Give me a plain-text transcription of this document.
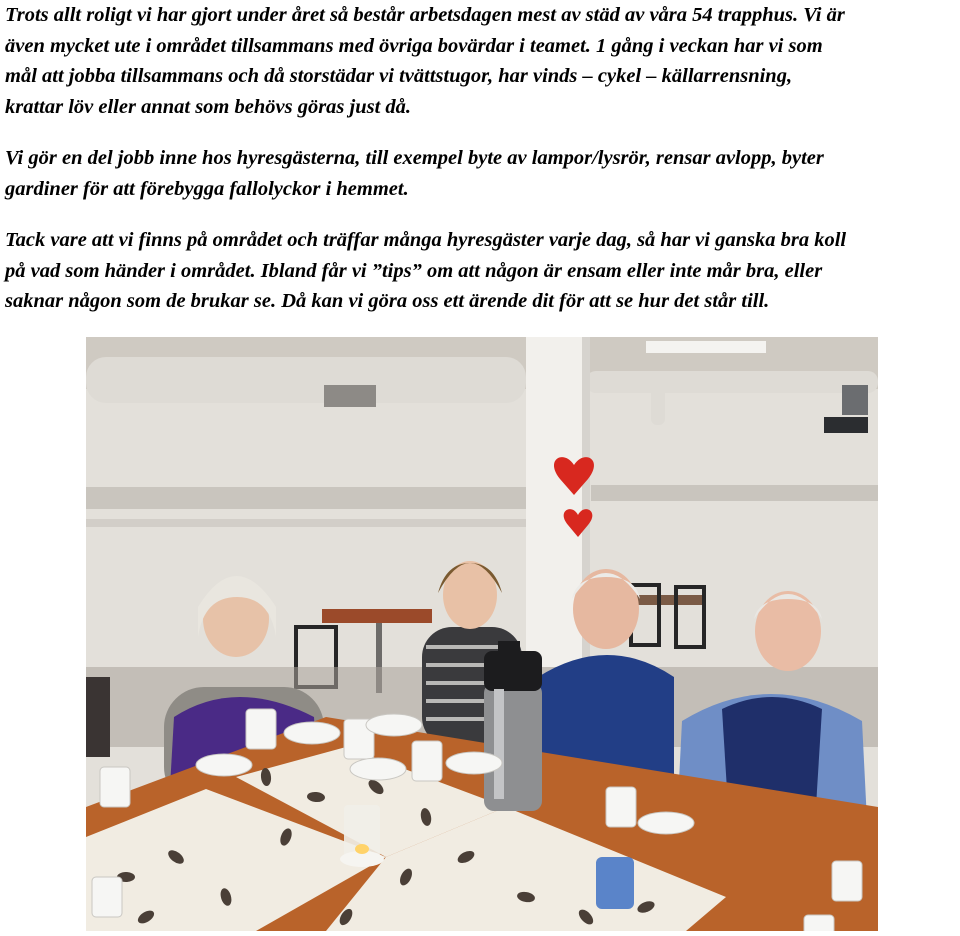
Trots allt roligt vi har gjort under året så består arbetsdagen mest av städ av våra 54 trapphus. Vi är
även mycket ute i området tillsammans med övriga bovärdar i teamet. 1 gång i veckan har vi som
mål att jobba tillsammans och då storstädar vi tvättstugor, har vinds – cykel – källarrensning,
krattar löv eller annat som behövs göras just då.

Vi gör en del jobb inne hos hyresgästerna, till exempel byte av lampor/lysrör, rensar avlopp, byter
gardiner för att förebygga fallolyckor i hemmet.

Tack vare att vi finns på området och träffar många hyresgäster varje dag, så har vi ganska bra koll
på vad som händer i området. Ibland får vi ”tips” om att någon är ensam eller inte mår bra, eller
saknar någon som de brukar se. Då kan vi göra oss ett ärende dit för att se hur det står till.
